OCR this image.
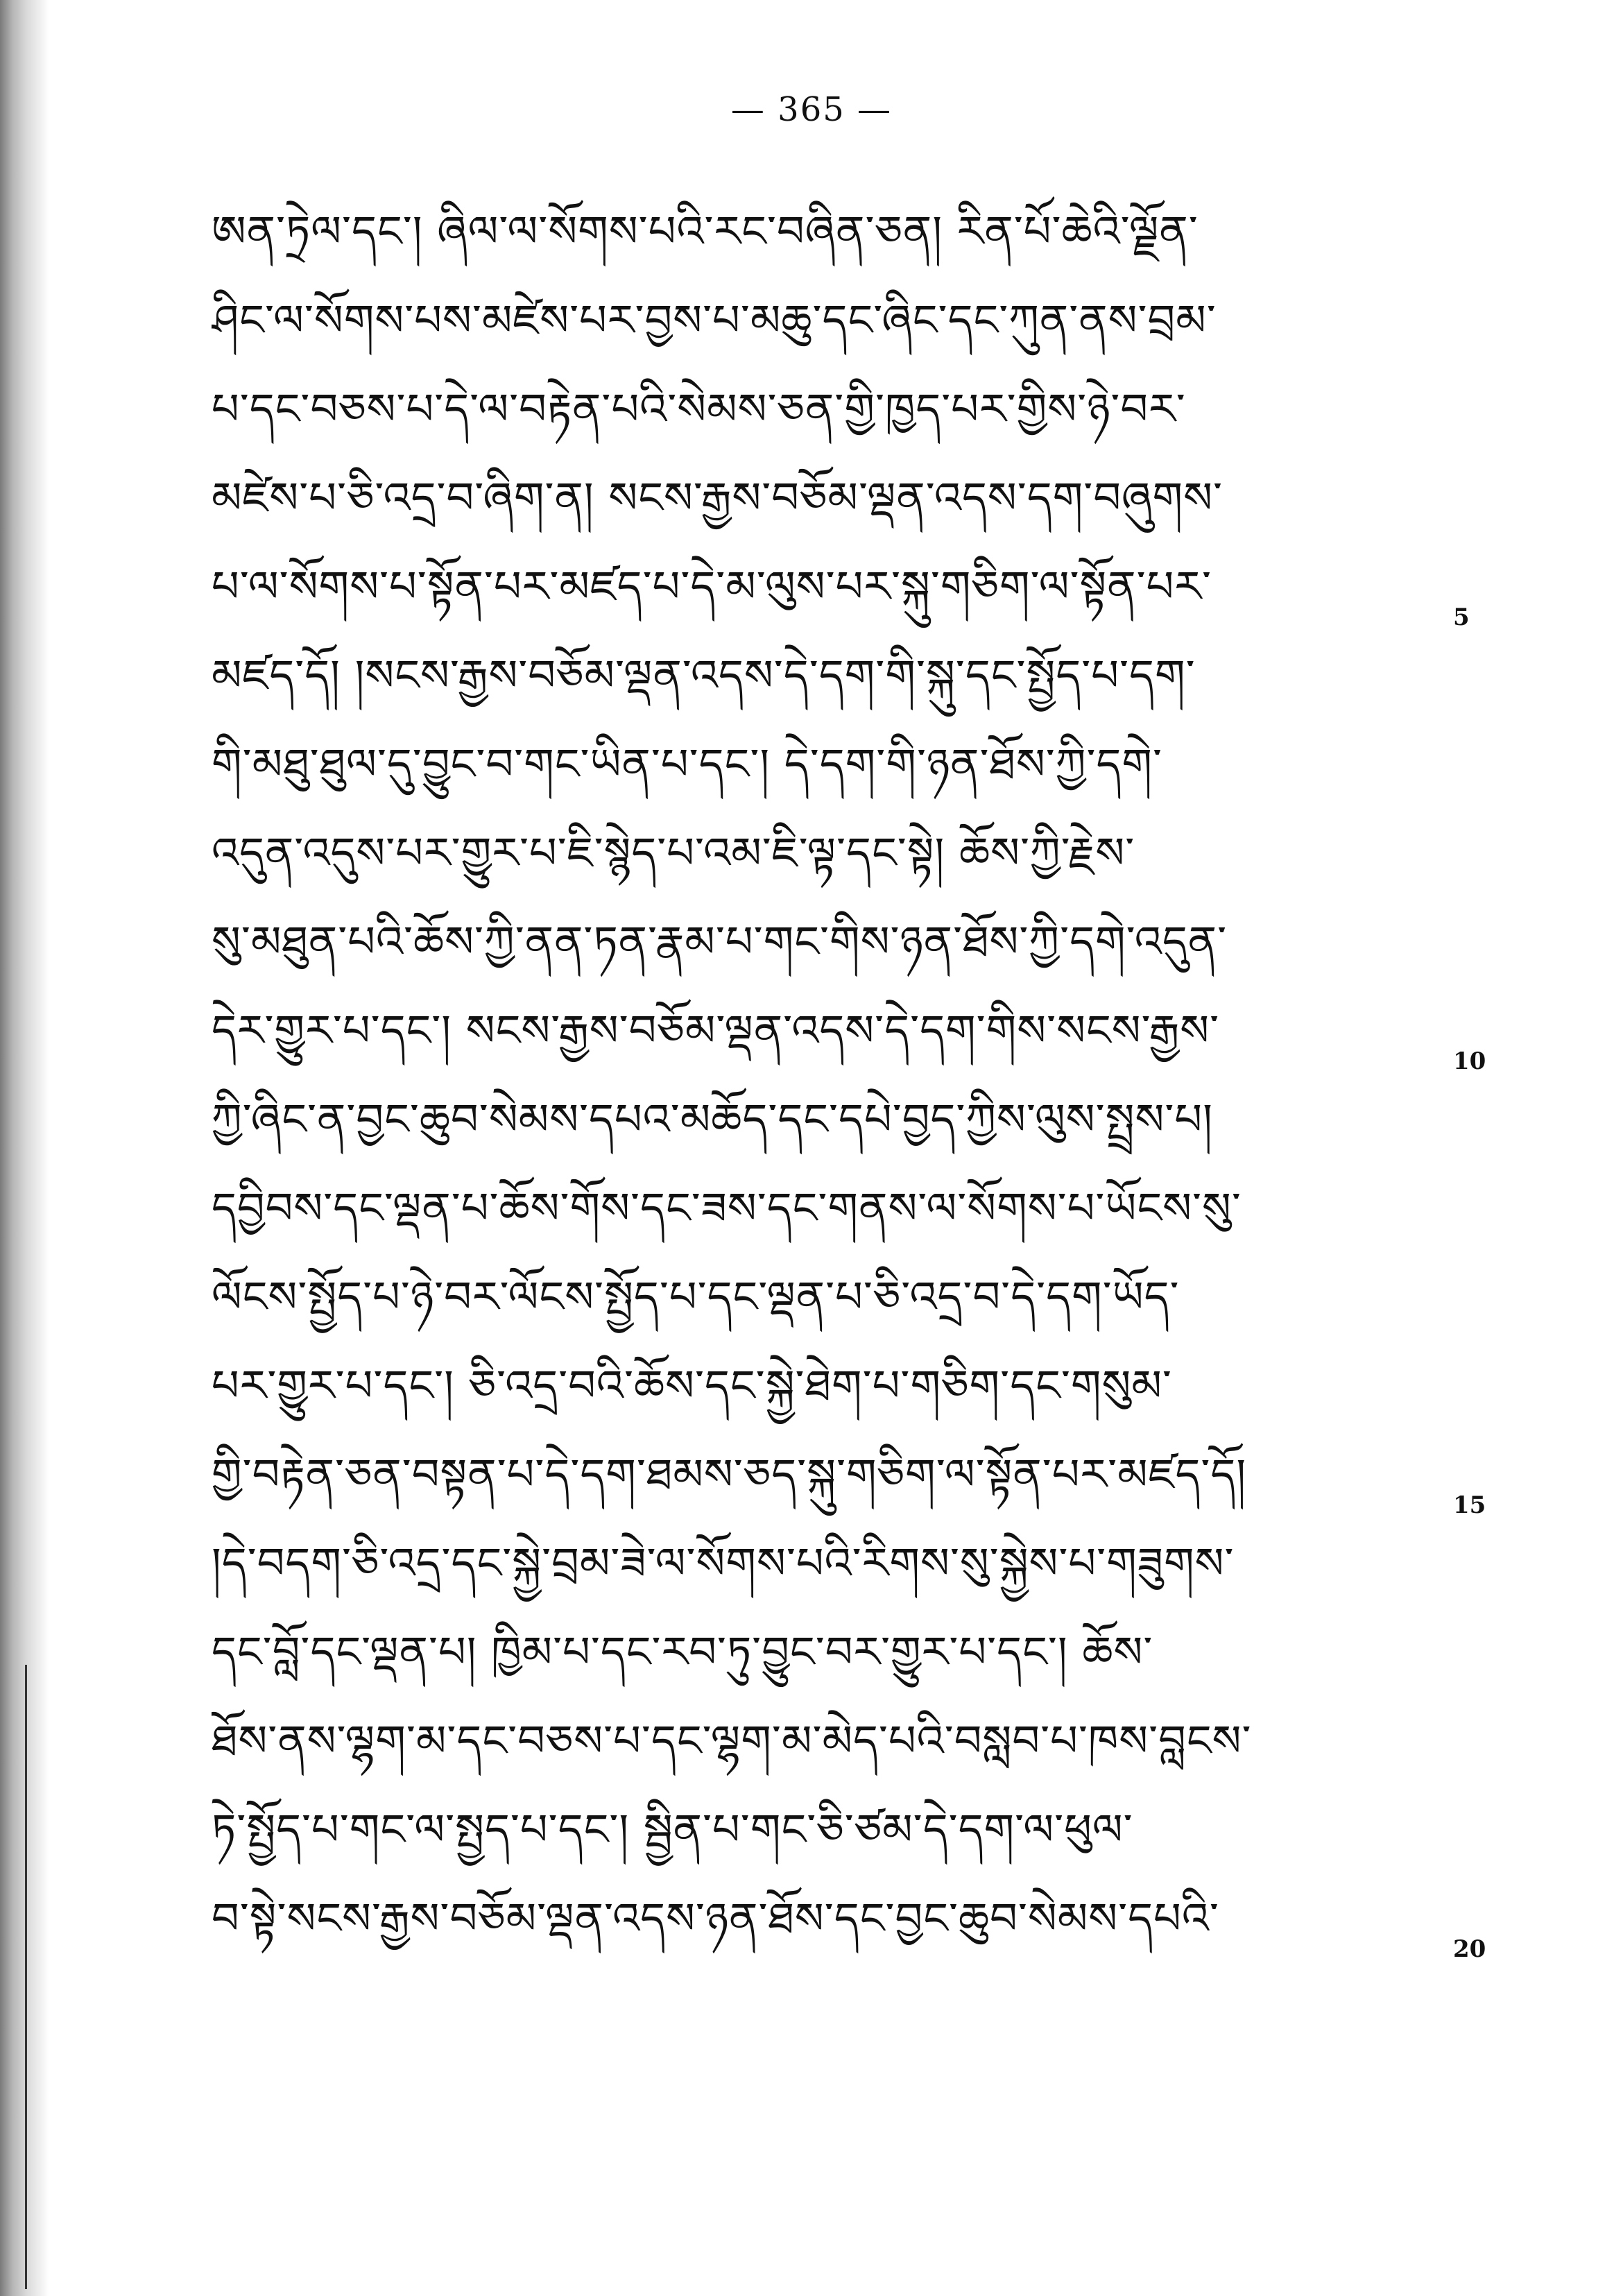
— 365 —
ཨན་ཏྲེལ་དང་། ཞིལ་ལ་སོགས་པའི་རང་བཞིན་ཅན། རིན་པོ་ཆེའི་ལྗོན་
ཤིང་ལ་སོགས་པས་མཛེས་པར་བྱས་པ་མཆུ་དང་ཞིང་དང་ཀུན་ནས་བྲམ་
པ་དང་བཅས་པ་དེ་ལ་བརྟེན་པའི་སེམས་ཅན་གྱི་ཁྱད་པར་གྱིས་ཉེ་བར་
མཛེས་པ་ཅི་འདྲ་བ་ཞིག་ན། སངས་རྒྱས་བཅོམ་ལྡན་འདས་དག་བཞུགས་
པ་ལ་སོགས་པ་སྟོན་པར་མཛད་པ་དེ་མ་ལུས་པར་སྐུ་གཅིག་ལ་སྟོན་པར་
མཛད་དོ། །སངས་རྒྱས་བཅོམ་ལྡན་འདས་དེ་དག་གི་སྐུ་དང་སྤྱོད་པ་དག་
གི་མཐུ་ཐུལ་དུ་བྱུང་བ་གང་ཡིན་པ་དང་། དེ་དག་གི་ཉན་ཐོས་ཀྱི་དགེ་
འདུན་འདུས་པར་གྱུར་པ་ཇི་སྙེད་པ་འམ་ཇི་ལྟ་དང་སྟེ། ཆོས་ཀྱི་རྗེས་
སུ་མཐུན་པའི་ཆོས་ཀྱི་ནན་ཏན་རྣམ་པ་གང་གིས་ཉན་ཐོས་ཀྱི་དགེ་འདུན་
དེར་གྱུར་པ་དང་། སངས་རྒྱས་བཅོམ་ལྡན་འདས་དེ་དག་གིས་སངས་རྒྱས་
ཀྱི་ཞིང་ན་བྱང་ཆུབ་སེམས་དཔའ་མཆོད་དང་དཔེ་བྱད་ཀྱིས་ལུས་སྤྲས་པ།
དབྱིབས་དང་ལྡན་པ་ཆོས་གོས་དང་ཟས་དང་གནས་ལ་སོགས་པ་ཡོངས་སུ་
ལོངས་སྤྱོད་པ་ཉེ་བར་ལོངས་སྤྱོད་པ་དང་ལྡན་པ་ཅི་འདྲ་བ་དེ་དག་ཡོད་
པར་གྱུར་པ་དང་། ཅི་འདྲ་བའི་ཆོས་དང་སྐྱེ་ཐེག་པ་གཅིག་དང་གསུམ་
གྱི་བརྟེན་ཅན་བསྟན་པ་དེ་དག་ཐམས་ཅད་སྐུ་གཅིག་ལ་སྟོན་པར་མཛད་དོ།
།དེ་བདག་ཅི་འདྲ་དང་སྐྱེ་བྲམ་ཟེ་ལ་སོགས་པའི་རིགས་སུ་སྐྱེས་པ་གཟུགས་
དང་བློ་དང་ལྡན་པ། ཁྱིམ་པ་དང་རབ་ཏུ་བྱུང་བར་གྱུར་པ་དང་། ཆོས་
ཐོས་ནས་ལྷག་མ་དང་བཅས་པ་དང་ལྷག་མ་མེད་པའི་བསླབ་པ་ཁས་བླངས་
ཏེ་སྤྱོད་པ་གང་ལ་སྤྱད་པ་དང་། སྦྱིན་པ་གང་ཅི་ཙམ་དེ་དག་ལ་ཕུལ་
བ་སྟེ་སངས་རྒྱས་བཅོམ་ལྡན་འདས་ཉན་ཐོས་དང་བྱང་ཆུབ་སེམས་དཔའི་
5
10
15
20
